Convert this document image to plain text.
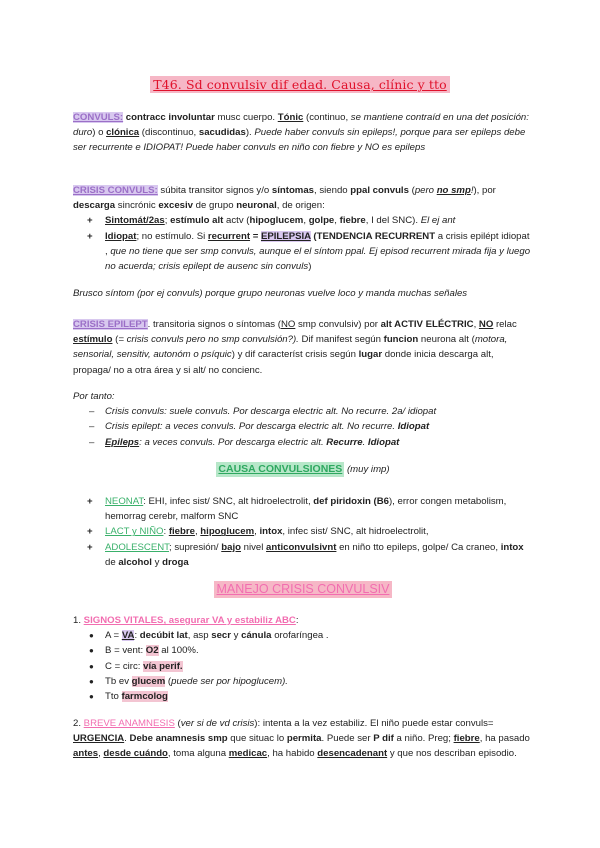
T46. Sd convulsiv dif edad. Causa, clínic y tto
CONVULS: contracc involuntar musc cuerpo. Tónic (continuo, se mantiene contraíd en una det posición: duro) o clónica (discontinuo, sacudidas). Puede haber convuls sin epileps!, porque para ser epileps debe ser recurrente e IDIOPAT! Puede haber convuls en niño con fiebre y NO es epileps
CRISIS CONVULS: súbita transitor signos y/o síntomas, siendo ppal convuls (pero no smp!), por descarga sincrónic excesiv de grupo neuronal, de origen:
+ Sintomát/2as; estímulo alt actv (hipoglucem, golpe, fiebre, I del SNC). El ej ant
+ Idiopat; no estímulo. Si recurrent = EPILEPSIA (TENDENCIA RECURRENT a crisis epilépt idiopat , que no tiene que ser smp convuls, aunque el el síntom ppal. Ej episod recurrent mirada fija y luego no acuerda; crisis epilept de ausenc sin convuls)
Brusco síntom (por ej convuls) porque grupo neuronas vuelve loco y manda muchas señales
CRISIS EPILEPT. transitoria signos o síntomas (NO smp convulsiv) por alt ACTIV ELÉCTRIC, NO relac estímulo (= crisis convuls pero no smp convulsión?). Dif manifest según funcion neurona alt (motora, sensorial, sensitiv, autonóm o psíquic) y dif característ crisis según lugar donde inicia descarga alt, propaga/ no a otra área y si alt/ no concienc.
Por tanto:
– Crisis convuls: suele convuls. Por descarga electric alt. No recurre. 2a/ idiopat
– Crisis epilept: a veces convuls. Por descarga electric alt. No recurre. Idiopat
– Epileps: a veces convuls. Por descarga electric alt. Recurre. Idiopat
CAUSA CONVULSIONES (muy imp)
+ NEONAT: EHI, infec sist/ SNC, alt hidroelectrolit, def piridoxin (B6), error congen metabolism, hemorrag cerebr, malform SNC
+ LACT y NIÑO: fiebre, hipoglucem, intox, infec sist/ SNC, alt hidroelectrolit,
+ ADOLESCENT; supresión/ bajo nivel anticonvulsivnt en niño tto epileps, golpe/ Ca craneo, intox de alcohol y droga
MANEJO CRISIS CONVULSIV
1. SIGNOS VITALES, asegurar VA y estabiliz ABC:
● A = VA: decúbit lat, asp secr y cánula orofaríngea .
● B = vent: O2 al 100%.
● C = circ: vía perif.
● Tb ev glucem (puede ser por hipoglucem).
● Tto farmcolog
2. BREVE ANAMNESIS (ver si de vd crisis): intenta a la vez estabiliz. El niño puede estar convuls= URGENCIA. Debe anamnesis smp que situac lo permita. Puede ser P dif a niño. Preg; fiebre, ha pasado antes, desde cuándo, toma alguna medicac, ha habido desencadenant y que nos describan episodio.
